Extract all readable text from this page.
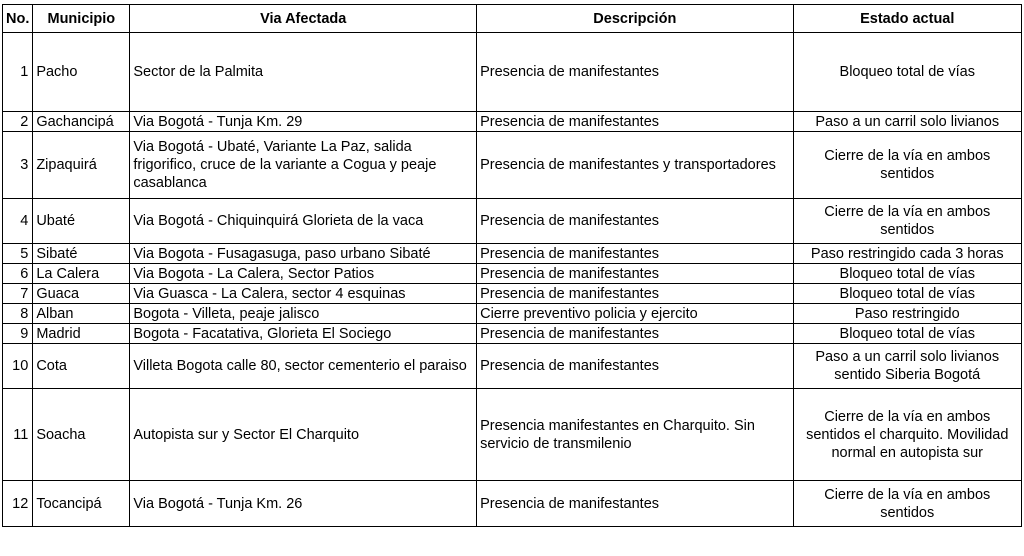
No.	Municipio	Via Afectada	Descripción	Estado actual
1	Pacho	Sector de la Palmita	Presencia de manifestantes	Bloqueo total de vías
2	Gachancipá	Via Bogotá - Tunja Km. 29	Presencia de manifestantes	Paso a un carril solo livianos
3	Zipaquirá	Via Bogotá - Ubaté, Variante La Paz, salida frigorifico, cruce de la variante a Cogua y peaje casablanca	Presencia de manifestantes y transportadores	Cierre de la vía en ambos sentidos
4	Ubaté	Via Bogotá - Chiquinquirá Glorieta de la vaca	Presencia de manifestantes	Cierre de la vía en ambos sentidos
5	Sibaté	Via Bogota - Fusagasuga, paso urbano Sibaté	Presencia de manifestantes	Paso restringido cada 3 horas
6	La Calera	Via Bogota - La Calera, Sector Patios	Presencia de manifestantes	Bloqueo total de vías
7	Guaca	Via Guasca - La Calera, sector 4 esquinas	Presencia de manifestantes	Bloqueo total de vías
8	Alban	Bogota - Villeta, peaje jalisco	Cierre preventivo policia y ejercito	Paso restringido
9	Madrid	Bogota - Facatativa, Glorieta El Sociego	Presencia de manifestantes	Bloqueo total de vías
10	Cota	Villeta Bogota calle 80, sector cementerio el paraiso	Presencia de manifestantes	Paso a un carril solo livianos sentido Siberia Bogotá
11	Soacha	Autopista sur y Sector El Charquito	Presencia manifestantes en Charquito. Sin servicio de transmilenio	Cierre de la vía en ambos sentidos el charquito. Movilidad normal en autopista sur
12	Tocancipá	Via Bogotá - Tunja Km. 26	Presencia de manifestantes	Cierre de la vía en ambos sentidos
